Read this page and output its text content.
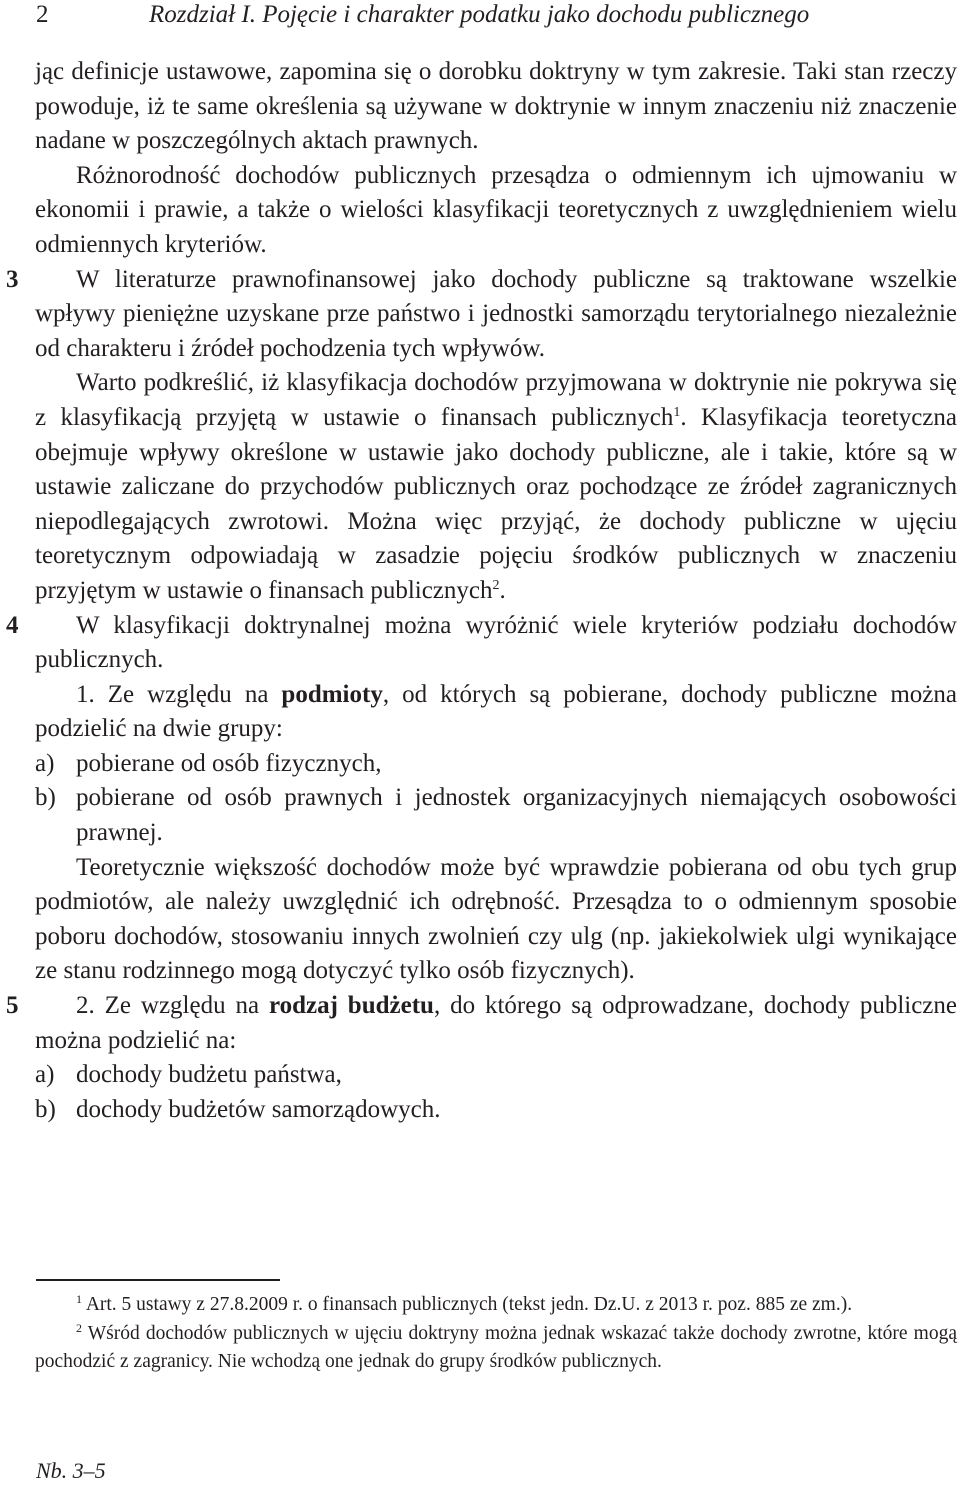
2	Rozdział I. Pojęcie i charakter podatku jako dochodu publicznego

jąc definicje ustawowe, zapomina się o dorobku doktryny w tym zakresie. Taki stan rzeczy powoduje, iż te same określenia są używane w doktrynie w innym znaczeniu niż znaczenie nadane w poszczególnych aktach prawnych.

Różnorodność dochodów publicznych przesądza o odmiennym ich ujmowaniu w ekonomii i prawie, a także o wielości klasyfikacji teoretycznych z uwzględnieniem wielu odmiennych kryteriów.

3 W literaturze prawnofinansowej jako dochody publiczne są traktowane wszelkie wpływy pieniężne uzyskane prze państwo i jednostki samorządu terytorialnego niezależnie od charakteru i źródeł pochodzenia tych wpływów.

Warto podkreślić, iż klasyfikacja dochodów przyjmowana w doktrynie nie pokrywa się z klasyfikacją przyjętą w ustawie o finansach publicznych$^1$. Klasyfikacja teoretyczna obejmuje wpływy określone w ustawie jako dochody publiczne, ale i takie, które są w ustawie zaliczane do przychodów publicznych oraz pochodzące ze źródeł zagranicznych niepodlegających zwrotowi. Można więc przyjąć, że dochody publiczne w ujęciu teoretycznym odpowiadają w zasadzie pojęciu środków publicznych w znaczeniu przyjętym w ustawie o finansach publicznych$^2$.

4 W klasyfikacji doktrynalnej można wyróżnić wiele kryteriów podziału dochodów publicznych.

1. Ze względu na podmioty, od których są pobierane, dochody publiczne można podzielić na dwie grupy:

a) pobierane od osób fizycznych,

b) pobierane od osób prawnych i jednostek organizacyjnych niemających osobowości prawnej.

Teoretycznie większość dochodów może być wprawdzie pobierana od obu tych grup podmiotów, ale należy uwzględnić ich odrębność. Przesądza to o odmiennym sposobie poboru dochodów, stosowaniu innych zwolnień czy ulg (np. jakiekolwiek ulgi wynikające ze stanu rodzinnego mogą dotyczyć tylko osób fizycznych).

5 2. Ze względu na rodzaj budżetu, do którego są odprowadzane, dochody publiczne można podzielić na:

a) dochody budżetu państwa,

b) dochody budżetów samorządowych.

$^1$ Art. 5 ustawy z 27.8.2009 r. o finansach publicznych (tekst jedn. Dz.U. z 2013 r. poz. 885 ze zm.).

$^2$ Wśród dochodów publicznych w ujęciu doktryny można jednak wskazać także dochody zwrotne, które mogą pochodzić z zagranicy. Nie wchodzą one jednak do grupy środków publicznych.

Nb. 3–5
